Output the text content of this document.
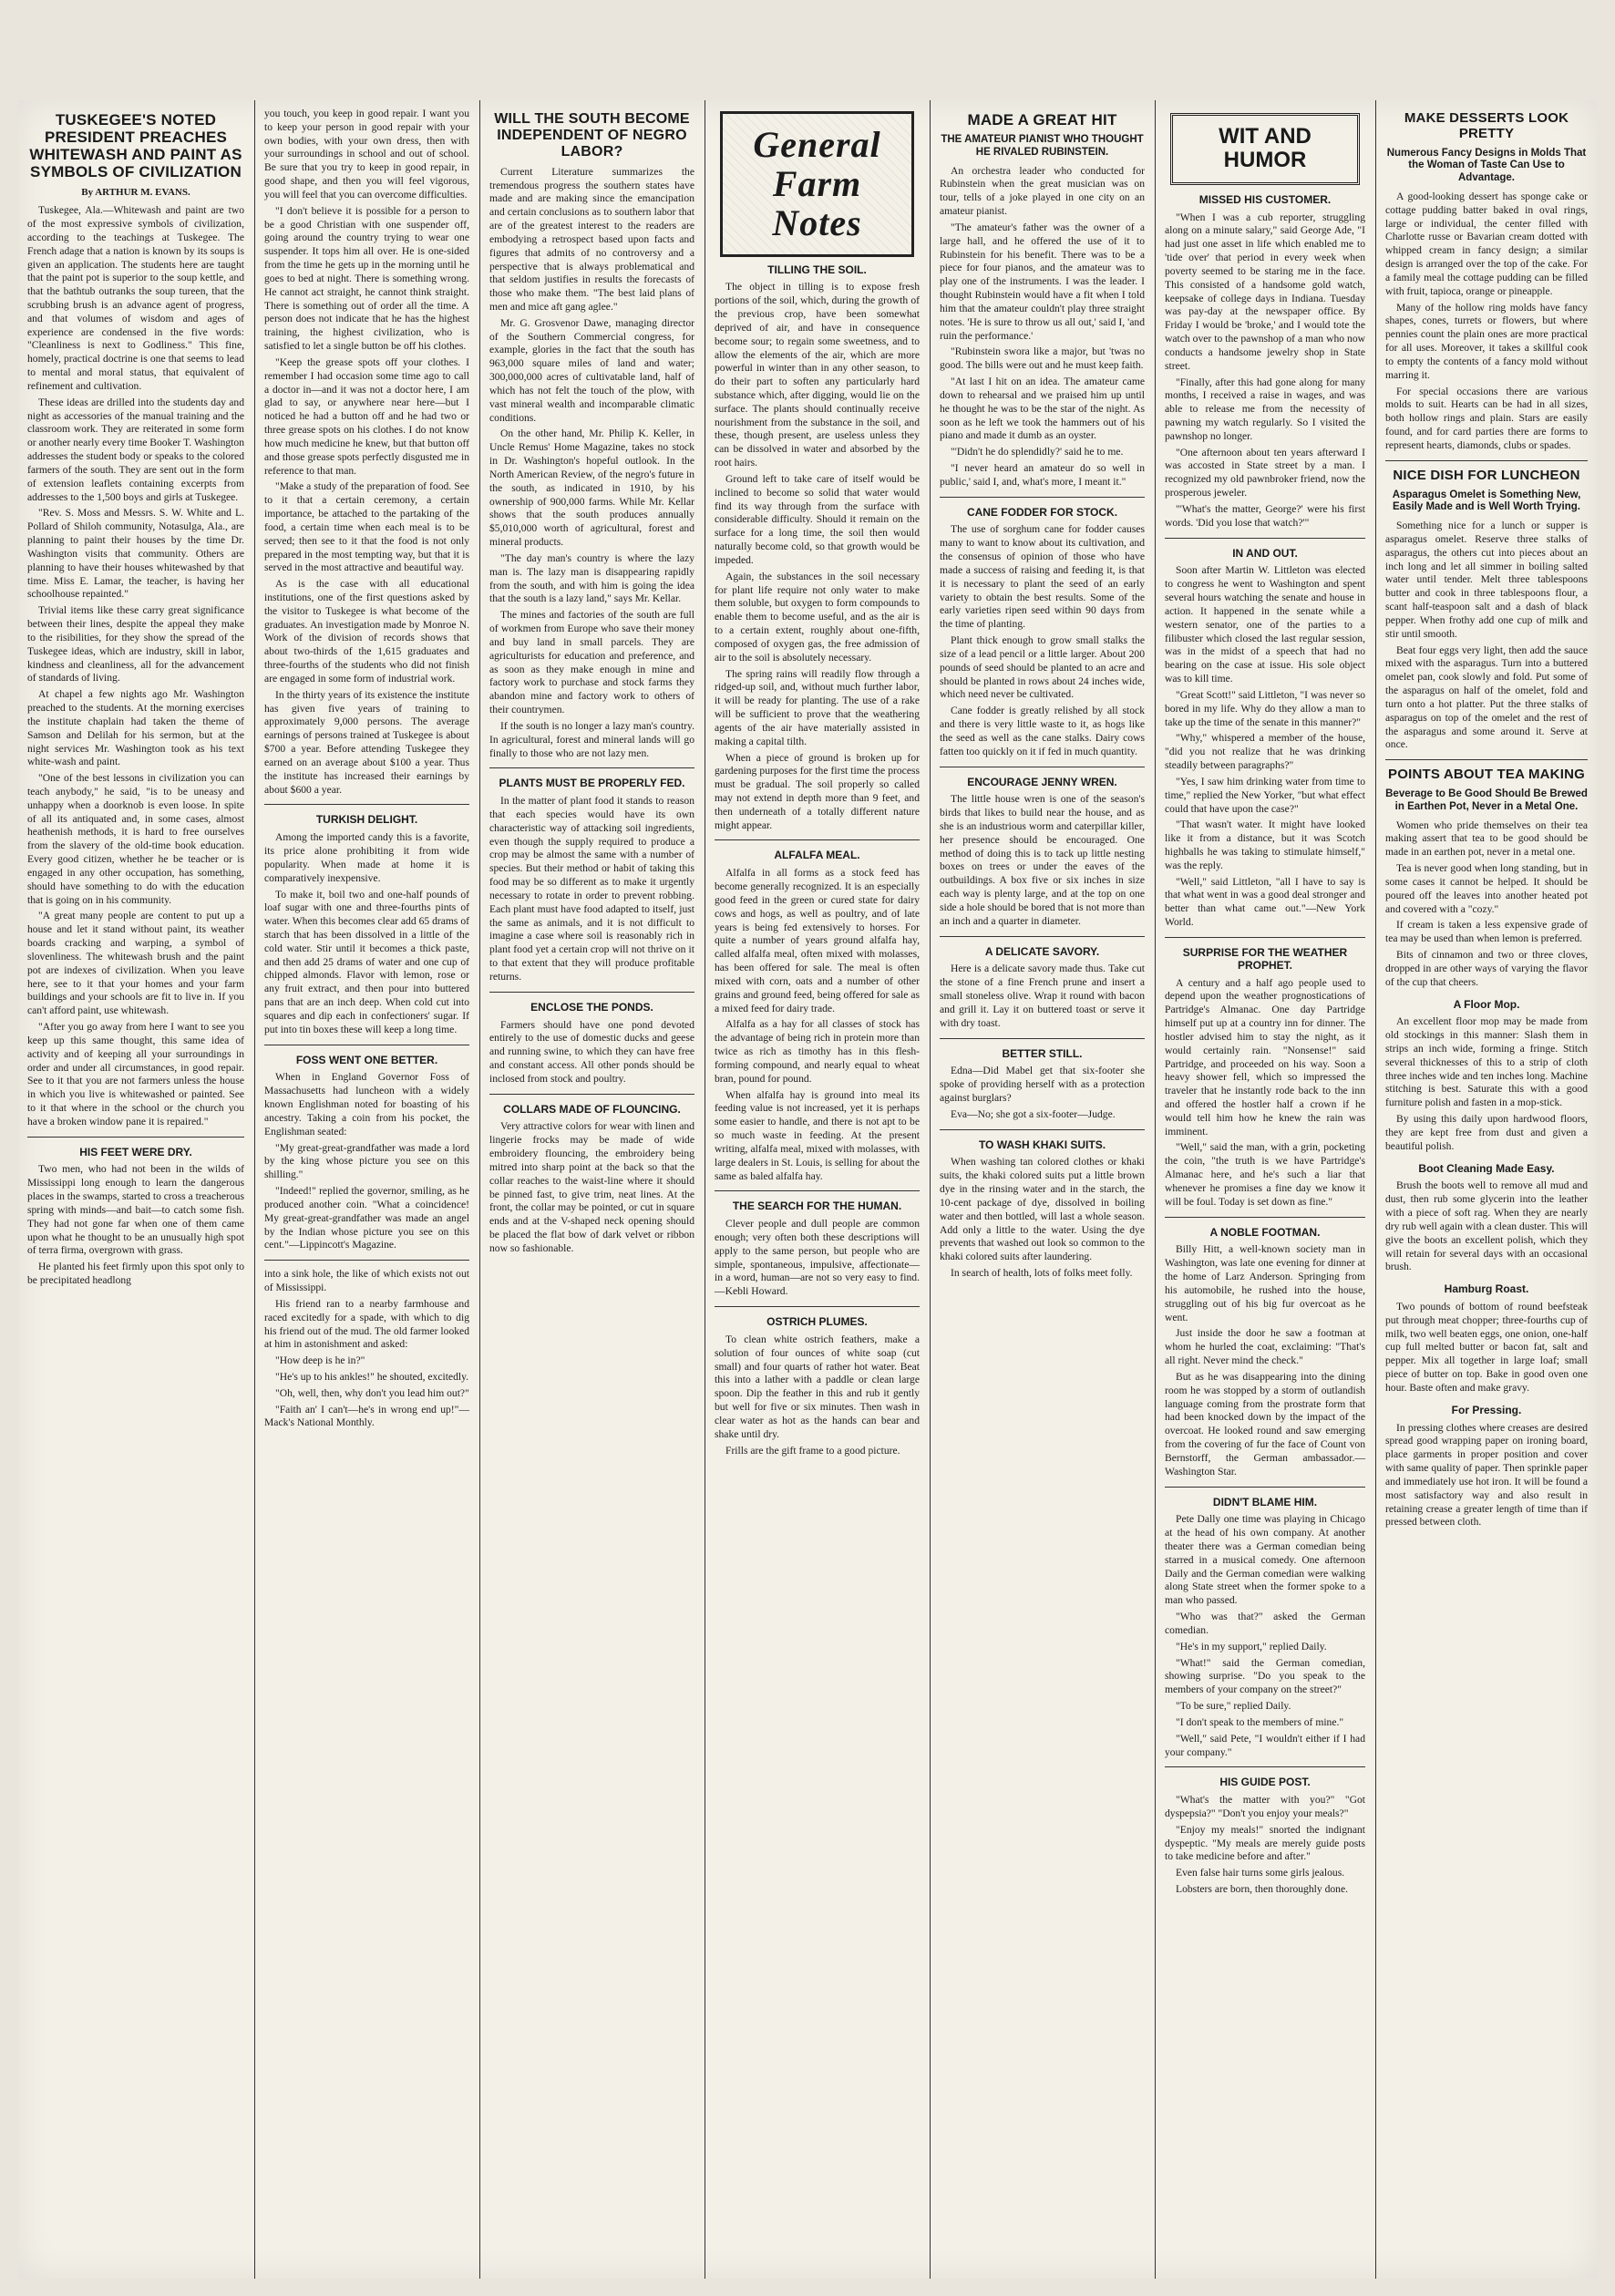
TUSKEGEE'S NOTED PRESIDENT PREACHES WHITEWASH AND PAINT AS SYMBOLS OF CIVILIZATION
By ARTHUR M. EVANS.

Tuskegee, Ala.—Whitewash and paint are two of the most expressive symbols of civilization, according to the teachings at Tuskegee. The French adage that a nation is known by its soups is given an application. The students here are taught that the paint pot is superior to the soup kettle, and that the bathtub outranks the soup tureen, that the scrubbing brush is an advance agent of progress, and that volumes of wisdom and ages of experience are condensed in the five words: "Cleanliness is next to Godliness." This fine, homely, practical doctrine is one that seems to lead to mental and moral status, that equivalent of refinement and cultivation.

These ideas are drilled into the students day and night as accessories of the manual training and the classroom work. They are reiterated in some form or another nearly every time Booker T. Washington addresses the student body or speaks to the colored farmers of the south. They are sent out in the form of extension leaflets containing excerpts from addresses to the 1,500 boys and girls at Tuskegee.

"Rev. S. Moss and Messrs. S. W. White and L. Pollard of Shiloh community, Notasulga, Ala., are planning to paint their houses by the time Dr. Washington visits that community. Others are planning to have their houses whitewashed by that time. Miss E. Lamar, the teacher, is having her schoolhouse repainted."

Trivial items like these carry great significance between their lines, despite the appeal they make to the risibilities, for they show the spread of the Tuskegee ideas, which are industry, skill in labor, kindness and cleanliness, all for the advancement of standards of living.

At chapel a few nights ago Mr. Washington preached to the students. At the morning exercises the institute chaplain had taken the theme of Samson and Delilah for his sermon, but at the night services Mr. Washington took as his text white-wash and paint.

"One of the best lessons in civilization you can teach anybody," he said, "is to be uneasy and unhappy when a doorknob is even loose. In spite of all its antiquated and, in some cases, almost heathenish methods, it is hard to free ourselves from the slavery of the old-time book education. Every good citizen, whether he be teacher or is engaged in any other occupation, has something, should have something to do with the education that is going on in his community.

"A great many people are content to put up a house and let it stand without paint, its weather boards cracking and warping, a symbol of slovenliness. The whitewash brush and the paint pot are indexes of civilization. When you leave here, see to it that your homes and your farm buildings and your schools are fit to live in. If you can't afford paint, use whitewash.

"After you go away from here I want to see you keep up this same thought, this same idea of activity and of keeping all your surroundings in order and under all circumstances, in good repair. See to it that you are not farmers unless the house in which you live is whitewashed or painted. See to it that where in the school or the church you have a broken window pane it is repaired."

HIS FEET WERE DRY.

Two men, who had not been in the wilds of Mississippi long enough to learn the dangerous places in the swamps, started to cross a treacherous spring with minds—and bait—to catch some fish. They had not gone far when one of them came upon what he thought to be an unusually high spot of terra firma, overgrown with grass.

He planted his feet firmly upon this spot only to be precipitated headlong

you touch, you keep in good repair. I want you to keep your person in good repair with your own bodies, with your own dress, then with your surroundings in school and out of school. Be sure that you try to keep in good repair, in good shape, and then you will feel vigorous, you will feel that you can overcome difficulties.

"I don't believe it is possible for a person to be a good Christian with one suspender off, going around the country trying to wear one suspender. It tops him all over. He is one-sided from the time he gets up in the morning until he goes to bed at night. There is something wrong. He cannot act straight, he cannot think straight. There is something out of order all the time. A person does not indicate that he has the highest training, the highest civilization, who is satisfied to let a single button be off his clothes.

"Keep the grease spots off your clothes. I remember I had occasion some time ago to call a doctor in—and it was not a doctor here, I am glad to say, or anywhere near here—but I noticed he had a button off and he had two or three grease spots on his clothes. I do not know how much medicine he knew, but that button off and those grease spots perfectly disgusted me in reference to that man.

"Make a study of the preparation of food. See to it that a certain ceremony, a certain importance, be attached to the partaking of the food, a certain time when each meal is to be served; then see to it that the food is not only prepared in the most tempting way, but that it is served in the most attractive and beautiful way.

As is the case with all educational institutions, one of the first questions asked by the visitor to Tuskegee is what become of the graduates. An investigation made by Monroe N. Work of the division of records shows that about two-thirds of the 1,615 graduates and three-fourths of the students who did not finish are engaged in some form of industrial work.

In the thirty years of its existence the institute has given five years of training to approximately 9,000 persons. The average earnings of persons trained at Tuskegee is about $700 a year. Before attending Tuskegee they earned on an average about $100 a year. Thus the institute has increased their earnings by about $600 a year.

TURKISH DELIGHT.

Among the imported candy this is a favorite, its price alone prohibiting it from wide popularity. When made at home it is comparatively inexpensive.

To make it, boil two and one-half pounds of loaf sugar with one and three-fourths pints of water. When this becomes clear add 65 drams of starch that has been dissolved in a little of the cold water. Stir until it becomes a thick paste, and then add 25 drams of water and one cup of chipped almonds. Flavor with lemon, rose or any fruit extract, and then pour into buttered pans that are an inch deep. When cold cut into squares and dip each in confectioners' sugar. If put into tin boxes these will keep a long time.

FOSS WENT ONE BETTER.

When in England Governor Foss of Massachusetts had luncheon with a widely known Englishman noted for boasting of his ancestry. Taking a coin from his pocket, the Englishman seated:

"My great-great-grandfather was made a lord by the king whose picture you see on this shilling."

"Indeed!" replied the governor, smiling, as he produced another coin. "What a coincidence! My great-great-grandfather was made an angel by the Indian whose picture you see on this cent."—Lippincott's Magazine.

into a sink hole, the like of which exists not out of Mississippi.

His friend ran to a nearby farmhouse and raced excitedly for a spade, with which to dig his friend out of the mud. The old farmer looked at him in astonishment and asked:

"How deep is he in?"

"He's up to his ankles!" he shouted, excitedly.

"Oh, well, then, why don't you lead him out?"

"Faith an' I can't—he's in wrong end up!"—Mack's National Monthly.

WILL THE SOUTH BECOME INDEPENDENT OF NEGRO LABOR?

Current Literature summarizes the tremendous progress the southern states have made and are making since the emancipation and certain conclusions as to southern labor that are of the greatest interest to the readers are embodying a retrospect based upon facts and figures that admits of no controversy and a perspective that is always problematical and that seldom justifies in results the forecasts of those who make them. "The best laid plans of men and mice aft gang aglee."

Mr. G. Grosvenor Dawe, managing director of the Southern Commercial congress, for example, glories in the fact that the south has 963,000 square miles of land and water; 300,000,000 acres of cultivatable land, half of which has not felt the touch of the plow, with vast mineral wealth and incomparable climatic conditions.

On the other hand, Mr. Philip K. Keller, in Uncle Remus' Home Magazine, takes no stock in Dr. Washington's hopeful outlook. In the North American Review, of the negro's future in the south, as indicated in 1910, by his ownership of 900,000 farms. While Mr. Kellar shows that the south produces annually $5,010,000 worth of agricultural, forest and mineral products.

"The day man's country is where the lazy man is. The lazy man is disappearing rapidly from the south, and with him is going the idea that the south is a lazy land," says Mr. Kellar.

The mines and factories of the south are full of workmen from Europe who save their money and buy land in small parcels. They are agriculturists for education and preference, and as soon as they make enough in mine and factory work to purchase and stock farms they abandon mine and factory work to others of their countrymen.

If the south is no longer a lazy man's country. In agricultural, forest and mineral lands will go finally to those who are not lazy men.

PLANTS MUST BE PROPERLY FED.

In the matter of plant food it stands to reason that each species would have its own characteristic way of attacking soil ingredients, even though the supply required to produce a crop may be almost the same with a number of species. But their method or habit of taking this food may be so different as to make it urgently necessary to rotate in order to prevent robbing. Each plant must have food adapted to itself, just the same as animals, and it is not difficult to imagine a case where soil is reasonably rich in plant food yet a certain crop will not thrive on it to that extent that they will produce profitable returns.

ENCLOSE THE PONDS.

Farmers should have one pond devoted entirely to the use of domestic ducks and geese and running swine, to which they can have free and constant access. All other ponds should be inclosed from stock and poultry.

COLLARS MADE OF FLOUNCING.

Very attractive colors for wear with linen and lingerie frocks may be made of wide embroidery flouncing, the embroidery being mitred into sharp point at the back so that the collar reaches to the waist-line where it should be pinned fast, to give trim, neat lines. At the front, the collar may be pointed, or cut in square ends and at the V-shaped neck opening should be placed the flat bow of dark velvet or ribbon now so fashionable.

General Farm Notes
TILLING THE SOIL.

The object in tilling is to expose fresh portions of the soil, which, during the growth of the previous crop, have been somewhat deprived of air, and have in consequence become sour; to regain some sweetness, and to allow the elements of the air, which are more powerful in winter than in any other season, to do their part to soften any particularly hard substance which, after digging, would lie on the surface. The plants should continually receive nourishment from the substance in the soil, and these, though present, are useless unless they can be dissolved in water and absorbed by the root hairs.

Ground left to take care of itself would be inclined to become so solid that water would find its way through from the surface with considerable difficulty. Should it remain on the surface for a long time, the soil then would naturally become cold, so that growth would be impeded.

Again, the substances in the soil necessary for plant life require not only water to make them soluble, but oxygen to form compounds to enable them to become useful, and as the air is to a certain extent, roughly about one-fifth, composed of oxygen gas, the free admission of air to the soil is absolutely necessary.

The spring rains will readily flow through a ridged-up soil, and, without much further labor, it will be ready for planting. The use of a rake will be sufficient to prove that the weathering agents of the air have materially assisted in making a capital tilth.

When a piece of ground is broken up for gardening purposes for the first time the process must be gradual. The soil properly so called may not extend in depth more than 9 feet, and then underneath of a totally different nature might appear.

ALFALFA MEAL.

Alfalfa in all forms as a stock feed has become generally recognized. It is an especially good feed in the green or cured state for dairy cows and hogs, as well as poultry, and of late years is being fed extensively to horses. For quite a number of years ground alfalfa hay, called alfalfa meal, often mixed with molasses, has been offered for sale. The meal is often mixed with corn, oats and a number of other grains and ground feed, being offered for sale as a mixed feed for dairy trade.

Alfalfa as a hay for all classes of stock has the advantage of being rich in protein more than twice as rich as timothy has in this flesh-forming compound, and nearly equal to wheat bran, pound for pound.

When alfalfa hay is ground into meal its feeding value is not increased, yet it is perhaps some easier to handle, and there is not apt to be so much waste in feeding. At the present writing, alfalfa meal, mixed with molasses, with large dealers in St. Louis, is selling for about the same as baled alfalfa hay.

THE SEARCH FOR THE HUMAN.

Clever people and dull people are common enough; very often both these descriptions will apply to the same person, but people who are simple, spontaneous, impulsive, affectionate—in a word, human—are not so very easy to find.—Kebli Howard.

OSTRICH PLUMES.

To clean white ostrich feathers, make a solution of four ounces of white soap (cut small) and four quarts of rather hot water. Beat this into a lather with a paddle or clean large spoon. Dip the feather in this and rub it gently but well for five or six minutes. Then wash in clear water as hot as the hands can bear and shake until dry.

Frills are the gift frame to a good picture.

MADE A GREAT HIT
THE AMATEUR PIANIST WHO THOUGHT HE RIVALED RUBINSTEIN.

An orchestra leader who conducted for Rubinstein when the great musician was on tour, tells of a joke played in one city on an amateur pianist.

"The amateur's father was the owner of a large hall, and he offered the use of it to Rubinstein for his benefit. There was to be a piece for four pianos, and the amateur was to play one of the instruments. I was the leader. I thought Rubinstein would have a fit when I told him that the amateur couldn't play three straight notes. 'He is sure to throw us all out,' said I, 'and ruin the performance.'

"Rubinstein swora like a major, but 'twas no good. The bills were out and he must keep faith.

"At last I hit on an idea. The amateur came down to rehearsal and we praised him up until he thought he was to be the star of the night. As soon as he left we took the hammers out of his piano and made it dumb as an oyster.

"'Didn't he do splendidly?' said he to me.

"I never heard an amateur do so well in public,' said I, and, what's more, I meant it."

CANE FODDER FOR STOCK.

The use of sorghum cane for fodder causes many to want to know about its cultivation, and the consensus of opinion of those who have made a success of raising and feeding it, is that it is necessary to plant the seed of an early variety to obtain the best results. Some of the early varieties ripen seed within 90 days from the time of planting.

Plant thick enough to grow small stalks the size of a lead pencil or a little larger. About 200 pounds of seed should be planted to an acre and should be planted in rows about 24 inches wide, which need never be cultivated.

Cane fodder is greatly relished by all stock and there is very little waste to it, as hogs like the seed as well as the cane stalks. Dairy cows fatten too quickly on it if fed in much quantity.

ENCOURAGE JENNY WREN.

The little house wren is one of the season's birds that likes to build near the house, and as she is an industrious worm and caterpillar killer, her presence should be encouraged. One method of doing this is to tack up little nesting boxes on trees or under the eaves of the outbuildings. A box five or six inches in size each way is plenty large, and at the top on one side a hole should be bored that is not more than an inch and a quarter in diameter.

A DELICATE SAVORY.

Here is a delicate savory made thus. Take cut the stone of a fine French prune and insert a small stoneless olive. Wrap it round with bacon and grill it. Lay it on buttered toast or serve it with dry toast.

BETTER STILL.

Edna—Did Mabel get that six-footer she spoke of providing herself with as a protection against burglars?

Eva—No; she got a six-footer—Judge.

TO WASH KHAKI SUITS.

When washing tan colored clothes or khaki suits, the khaki colored suits put a little brown dye in the rinsing water and in the starch, the 10-cent package of dye, dissolved in boiling water and then bottled, will last a whole season. Add only a little to the water. Using the dye prevents that washed out look so common to the khaki colored suits after laundering.

In search of health, lots of folks meet folly.

WIT AND HUMOR
MISSED HIS CUSTOMER.

"When I was a cub reporter, struggling along on a minute salary," said George Ade, "I had just one asset in life which enabled me to 'tide over' that period in every week when poverty seemed to be staring me in the face. This consisted of a handsome gold watch, keepsake of college days in Indiana. Tuesday was pay-day at the newspaper office. By Friday I would be 'broke,' and I would tote the watch over to the pawnshop of a man who now conducts a handsome jewelry shop in State street.

"Finally, after this had gone along for many months, I received a raise in wages, and was able to release me from the necessity of pawning my watch regularly. So I visited the pawnshop no longer.

"One afternoon about ten years afterward I was accosted in State street by a man. I recognized my old pawnbroker friend, now the prosperous jeweler.

"'What's the matter, George?' were his first words. 'Did you lose that watch?'"

IN AND OUT.

Soon after Martin W. Littleton was elected to congress he went to Washington and spent several hours watching the senate and house in action. It happened in the senate while a western senator, one of the parties to a filibuster which closed the last regular session, was in the midst of a speech that had no bearing on the case at issue. His sole object was to kill time.

"Great Scott!" said Littleton, "I was never so bored in my life. Why do they allow a man to take up the time of the senate in this manner?"

"Why," whispered a member of the house, "did you not realize that he was drinking steadily between paragraphs?"

"Yes, I saw him drinking water from time to time," replied the New Yorker, "but what effect could that have upon the case?"

"That wasn't water. It might have looked like it from a distance, but it was Scotch highballs he was taking to stimulate himself," was the reply.

"Well," said Littleton, "all I have to say is that what went in was a good deal stronger and better than what came out."—New York World.

SURPRISE FOR THE WEATHER PROPHET.

A century and a half ago people used to depend upon the weather prognostications of Partridge's Almanac. One day Partridge himself put up at a country inn for dinner. The hostler advised him to stay the night, as it would certainly rain. "Nonsense!" said Partridge, and proceeded on his way. Soon a heavy shower fell, which so impressed the traveler that he instantly rode back to the inn and offered the hostler half a crown if he would tell him how he knew the rain was imminent.

"Well," said the man, with a grin, pocketing the coin, "the truth is we have Partridge's Almanac here, and he's such a liar that whenever he promises a fine day we know it will be foul. Today is set down as fine."

A NOBLE FOOTMAN.

Billy Hitt, a well-known society man in Washington, was late one evening for dinner at the home of Larz Anderson. Springing from his automobile, he rushed into the house, struggling out of his big fur overcoat as he went.

Just inside the door he saw a footman at whom he hurled the coat, exclaiming: "That's all right. Never mind the check."

But as he was disappearing into the dining room he was stopped by a storm of outlandish language coming from the prostrate form that had been knocked down by the impact of the overcoat. He looked round and saw emerging from the covering of fur the face of Count von Bernstorff, the German ambassador.—Washington Star.

DIDN'T BLAME HIM.

Pete Dally one time was playing in Chicago at the head of his own company. At another theater there was a German comedian being starred in a musical comedy. One afternoon Daily and the German comedian were walking along State street when the former spoke to a man who passed.

"Who was that?" asked the German comedian.

"He's in my support," replied Daily.

"What!" said the German comedian, showing surprise. "Do you speak to the members of your company on the street?"

"To be sure," replied Daily.

"I don't speak to the members of mine."

"Well," said Pete, "I wouldn't either if I had your company."

HIS GUIDE POST.

"What's the matter with you?" "Got dyspepsia?" "Don't you enjoy your meals?"

"Enjoy my meals!" snorted the indignant dyspeptic. "My meals are merely guide posts to take medicine before and after."

Even false hair turns some girls jealous.

Lobsters are born, then thoroughly done.

MAKE DESSERTS LOOK PRETTY
Numerous Fancy Designs in Molds That the Woman of Taste Can Use to Advantage.

A good-looking dessert has sponge cake or cottage pudding batter baked in oval rings, large or individual, the center filled with Charlotte russe or Bavarian cream dotted with whipped cream in fancy design; a similar design is arranged over the top of the cake. For a family meal the cottage pudding can be filled with fruit, tapioca, orange or pineapple.

Many of the hollow ring molds have fancy shapes, cones, turrets or flowers, but where pennies count the plain ones are more practical for all uses. Moreover, it takes a skillful cook to empty the contents of a fancy mold without marring it.

For special occasions there are various molds to suit. Hearts can be had in all sizes, both hollow rings and plain. Stars are easily found, and for card parties there are forms to represent hearts, diamonds, clubs or spades.

NICE DISH FOR LUNCHEON
Asparagus Omelet is Something New, Easily Made and is Well Worth Trying.

Something nice for a lunch or supper is asparagus omelet. Reserve three stalks of asparagus, the others cut into pieces about an inch long and let all simmer in boiling salted water until tender. Melt three tablespoons butter and cook in three tablespoons flour, a scant half-teaspoon salt and a dash of black pepper. When frothy add one cup of milk and stir until smooth.

Beat four eggs very light, then add the sauce mixed with the asparagus. Turn into a buttered omelet pan, cook slowly and fold. Put some of the asparagus on half of the omelet, fold and turn onto a hot platter. Put the three stalks of asparagus on top of the omelet and the rest of the asparagus and some around it. Serve at once.

POINTS ABOUT TEA MAKING
Beverage to Be Good Should Be Brewed in Earthen Pot, Never in a Metal One.

Women who pride themselves on their tea making assert that tea to be good should be made in an earthen pot, never in a metal one.

Tea is never good when long standing, but in some cases it cannot be helped. It should be poured off the leaves into another heated pot and covered with a "cozy."

If cream is taken a less expensive grade of tea may be used than when lemon is preferred.

Bits of cinnamon and two or three cloves, dropped in are other ways of varying the flavor of the cup that cheers.

A Floor Mop.

An excellent floor mop may be made from old stockings in this manner: Slash them in strips an inch wide, forming a fringe. Stitch several thicknesses of this to a strip of cloth three inches wide and ten inches long. Machine stitching is best. Saturate this with a good furniture polish and fasten in a mop-stick.

By using this daily upon hardwood floors, they are kept free from dust and given a beautiful polish.

Boot Cleaning Made Easy.

Brush the boots well to remove all mud and dust, then rub some glycerin into the leather with a piece of soft rag. When they are nearly dry rub well again with a clean duster. This will give the boots an excellent polish, which they will retain for several days with an occasional brush.

Hamburg Roast.

Two pounds of bottom of round beefsteak put through meat chopper; three-fourths cup of milk, two well beaten eggs, one onion, one-half cup full melted butter or bacon fat, salt and pepper. Mix all together in large loaf; small piece of butter on top. Bake in good oven one hour. Baste often and make gravy.

For Pressing.

In pressing clothes where creases are desired spread good wrapping paper on ironing board, place garments in proper position and cover with same quality of paper. Then sprinkle paper and immediately use hot iron. It will be found a most satisfactory way and also result in retaining crease a greater length of time than if pressed between cloth.
